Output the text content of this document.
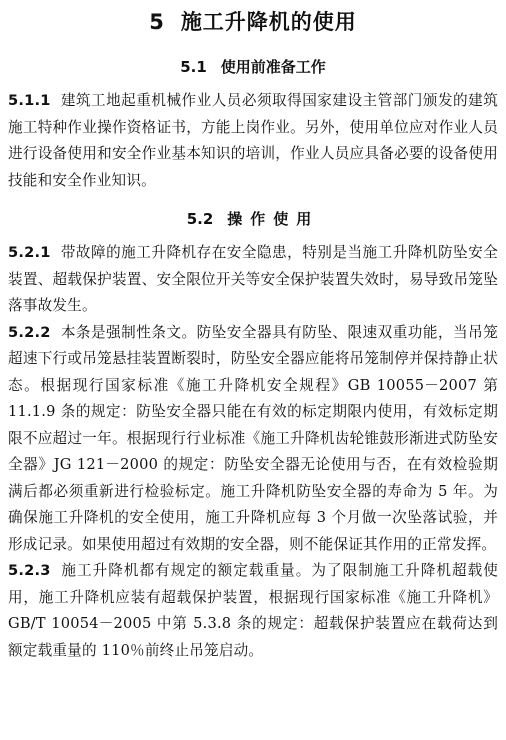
5 施工升降机的使用
5.1 使用前准备工作

5.1.1 建筑工地起重机械作业人员必须取得国家建设主管部门颁发的建筑施工特种作业操作资格证书，方能上岗作业。另外，使用单位应对作业人员进行设备使用和安全作业基本知识的培训，作业人员应具备必要的设备使用技能和安全作业知识。

5.2 操作使用

5.2.1 带故障的施工升降机存在安全隐患，特别是当施工升降机防坠安全装置、超载保护装置、安全限位开关等安全保护装置失效时，易导致吊笼坠落事故发生。

5.2.2 本条是强制性条文。防坠安全器具有防坠、限速双重功能，当吊笼超速下行或吊笼悬挂装置断裂时，防坠安全器应能将吊笼制停并保持静止状态。根据现行国家标准《施工升降机安全规程》GB 10055－2007 第 11.1.9 条的规定：防坠安全器只能在有效的标定期限内使用，有效标定期限不应超过一年。根据现行行业标准《施工升降机齿轮锥鼓形渐进式防坠安全器》JG 121－2000 的规定：防坠安全器无论使用与否，在有效检验期满后都必须重新进行检验标定。施工升降机防坠安全器的寿命为 5 年。为确保施工升降机的安全使用，施工升降机应每 3 个月做一次坠落试验，并形成记录。如果使用超过有效期的安全器，则不能保证其作用的正常发挥。

5.2.3 施工升降机都有规定的额定载重量。为了限制施工升降机超载使用，施工升降机应装有超载保护装置，根据现行国家标准《施工升降机》GB/T 10054－2005 中第 5.3.8 条的规定：超载保护装置应在载荷达到额定载重量的 110％前终止吊笼启动。
